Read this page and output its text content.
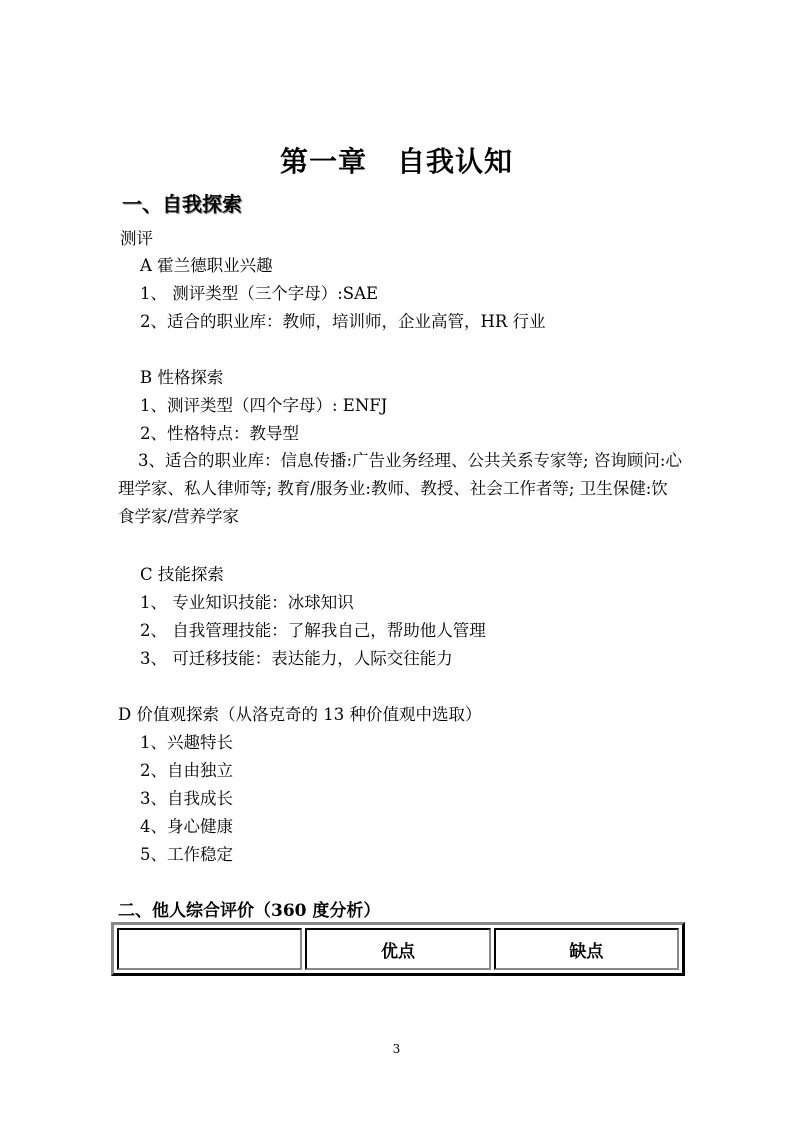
第一章 自我认知
一、自我探索
测评
A 霍兰德职业兴趣
1、 测评类型（三个字母）:SAE
2、适合的职业库：教师，培训师，企业高管，HR 行业
B 性格探索
1、测评类型（四个字母）: ENFJ
2、性格特点：教导型
3、适合的职业库：信息传播:广告业务经理、公共关系专家等; 咨询顾问:心理学家、私人律师等; 教育/服务业:教师、教授、社会工作者等; 卫生保健:饮食学家/营养学家
C 技能探索
1、 专业知识技能：冰球知识
2、 自我管理技能：了解我自己，帮助他人管理
3、 可迁移技能：表达能力，人际交往能力
D 价值观探索（从洛克奇的 13 种价值观中选取）
1、兴趣特长
2、自由独立
3、自我成长
4、身心健康
5、工作稳定
二、他人综合评价（360 度分析）
	优点	缺点
3
